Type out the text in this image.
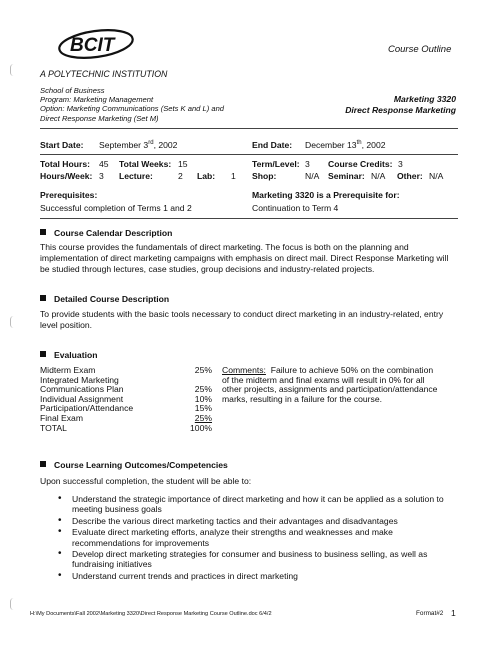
BCIT	Course Outline
A POLYTECHNIC INSTITUTION
School of Business
Program: Marketing Management
Option: Marketing Communications (Sets K and L) and
Direct Response Marketing (Set M)
Marketing 3320
Direct Response Marketing
Start Date: September 3rd, 2002	End Date: December 13th, 2002
Total Hours: 45 Total Weeks: 15	Term/Level: 3 Course Credits: 3
Hours/Week: 3 Lecture:	2 Lab: 1 Shop:	N/A Seminar: N/A Other: N/A
Prerequisites:
Successful completion of Terms 1 and 2
Marketing 3320 is a Prerequisite for:
Continuation to Term 4
Course Calendar Description
This course provides the fundamentals of direct marketing. The focus is both on the planning and implementation of direct marketing campaigns with emphasis on direct mail. Direct Response Marketing will be studied through lectures, case studies, group decisions and industry-related projects.
Detailed Course Description
To provide students with the basic tools necessary to conduct direct marketing in an industry-related, entry level position.
Evaluation
Midterm Exam	25%
Integrated Marketing
Communications Plan	25%
Individual Assignment	10%
Participation/Attendance	15%
Final Exam	25%
TOTAL	100%
Comments: Failure to achieve 50% on the combination
of the midterm and final exams will result in 0% for all
other projects, assignments and participation/attendance
marks, resulting in a failure for the course.
Course Learning Outcomes/Competencies
Upon successful completion, the student will be able to:
• Understand the strategic importance of direct marketing and how it can be applied as a solution to meeting business goals
• Describe the various direct marketing tactics and their advantages and disadvantages
• Evaluate direct marketing efforts, analyze their strengths and weaknesses and make recommendations for improvements
• Develop direct marketing strategies for consumer and business to business selling, as well as fundraising initiatives
• Understand current trends and practices in direct marketing
H:\My Documents\Fall 2002\Marketing 3320\Direct Response Marketing Course Outline.doc 6/4/2	Format#2 1
